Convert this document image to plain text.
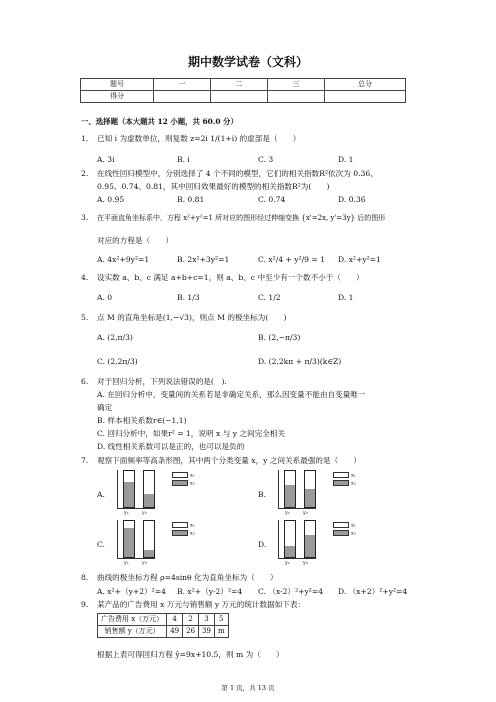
期中数学试卷（文科）
题号	一	二	三	总分
得分				
一、选择题（本大题共 12 小题，共 60.0 分）
1. 已知 i 为虚数单位，则复数 z=2i 1/(1+i) 的虚部是（　　）
A. 3i	B. i	C. 3	D. 1
2. 在线性回归模型中，分别选择了 4 个不同的模型，它们的相关指数R²依次为 0.36、
0.95、0.74、0.81，其中回归效果最好的模型的相关指数R²为(　　)
A. 0.95	B. 0.81	C. 0.74	D. 0.36
3. 在平面直角坐标系中，方程 x²+y²=1 所对应的图形经过伸缩变换 {x'=2x, y'=3y} 后的图形
对应的方程是（　　）
A. 4x²+9y²=1	B. 2x²+3y²=1	C. x²/4 + y²/9 = 1 D. x²+y²=1
4. 设实数 a、b、c 满足 a+b+c=1，则 a、b、c 中至少有一个数不小于（　　）
A. 0	B. 1/3	C. 1/2	D. 1
5. 点 M 的直角坐标是(1,−√3)，则点 M 的极坐标为(　　)
A. (2,π/3)	B. (2,−π/3)
C. (2,2π/3)	D. (2,2kπ + π/3)(k∈Z)
6. 对于回归分析，下列说法错误的是(　).
A. 在回归分析中，变量间的关系若是非确定关系，那么因变量不能由自变量唯一
确定
B. 样本相关系数r∈(−1,1)
C. 回归分析中，如果r² = 1，说明 x 与 y 之间完全相关
D. 线性相关系数可以是正的，也可以是负的
7. 观察下面频率等高条形图，其中两个分类变量 x，y 之间关系最强的是（　　）
A.
y₁	y₂
x₁
x₂
B.
y₁	y₂
x₁
x₂
C.
y₁	y₂
x₁
x₂
D.
y₁	y₂
x₁
x₂
8. 曲线的极坐标方程 ρ=4sinθ 化为直角坐标为（　　）
A. x²+（y+2）²=4 B. x²+（y-2）²=4 C. （x-2）²+y²=4 D. （x+2）²+y²=4
9. 某产品的广告费用 x 万元与销售额 y 万元的统计数据如下表：
广告费用 x（万元）	4	2	3	5
销售额 y（万元）	49	26	39	m
根据上表可得回归方程 ŷ=9x+10.5，则 m 为（　　）
第 1 页，共 13 页
